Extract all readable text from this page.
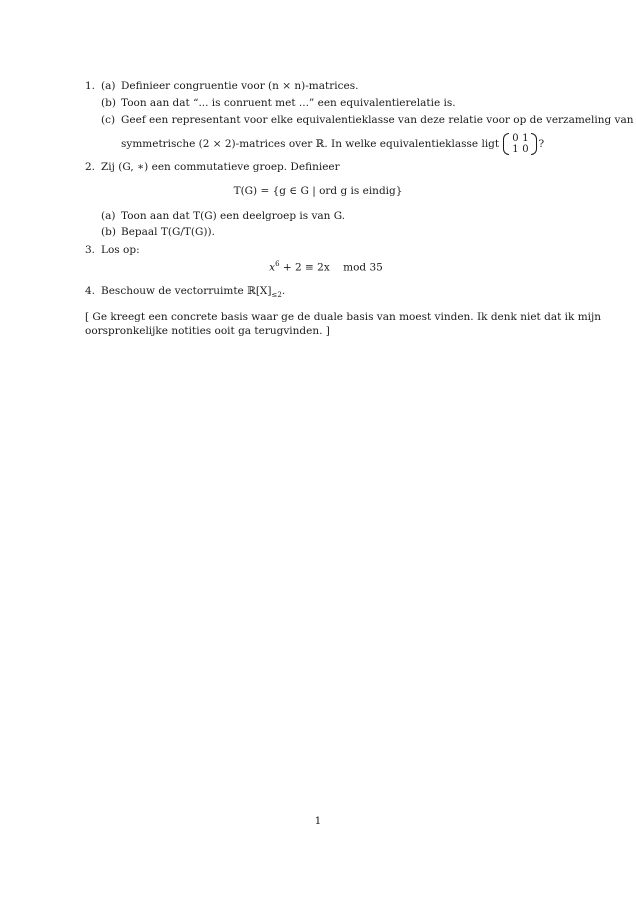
1. (a) Definieer congruentie voor (n × n)-matrices.
(b) Toon aan dat “... is conruent met ...” een equivalentierelatie is.
(c) Geef een representant voor elke equivalentieklasse van deze relatie voor op de verzameling van
symmetrische (2 × 2)-matrices over ℝ. In welke equivalentieklasse ligt 0 1
1 0 ?
2. Zij (G, ∗) een commutatieve groep. Definieer
T(G) = {g ∈ G | ord g is eindig}
(a) Toon aan dat T(G) een deelgroep is van G.
(b) Bepaal T(G/T(G)).
3. Los op:
$x^6 + 2 \equiv 2x$    mod 35
4. Beschouw de vectorruimte $ℝ[X]_{\le 2}$.
[ Ge kreegt een concrete basis waar ge de duale basis van moest vinden. Ik denk niet dat ik mijn
oorspronkelijke notities ooit ga terugvinden. ]
1
